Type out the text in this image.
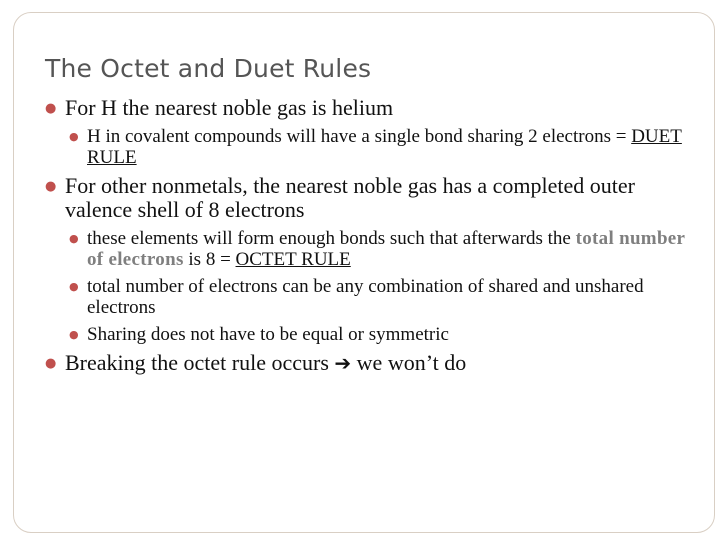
The Octet and Duet Rules
● For H the nearest noble gas is helium
● H in covalent compounds will have a single bond sharing 2 electrons = DUET RULE
● For other nonmetals, the nearest noble gas has a completed outer valence shell of 8 electrons
● these elements will form enough bonds such that afterwards the total number of electrons is 8 = OCTET RULE
● total number of electrons can be any combination of shared and unshared electrons
● Sharing does not have to be equal or symmetric
● Breaking the octet rule occurs ➔ we won’t do
